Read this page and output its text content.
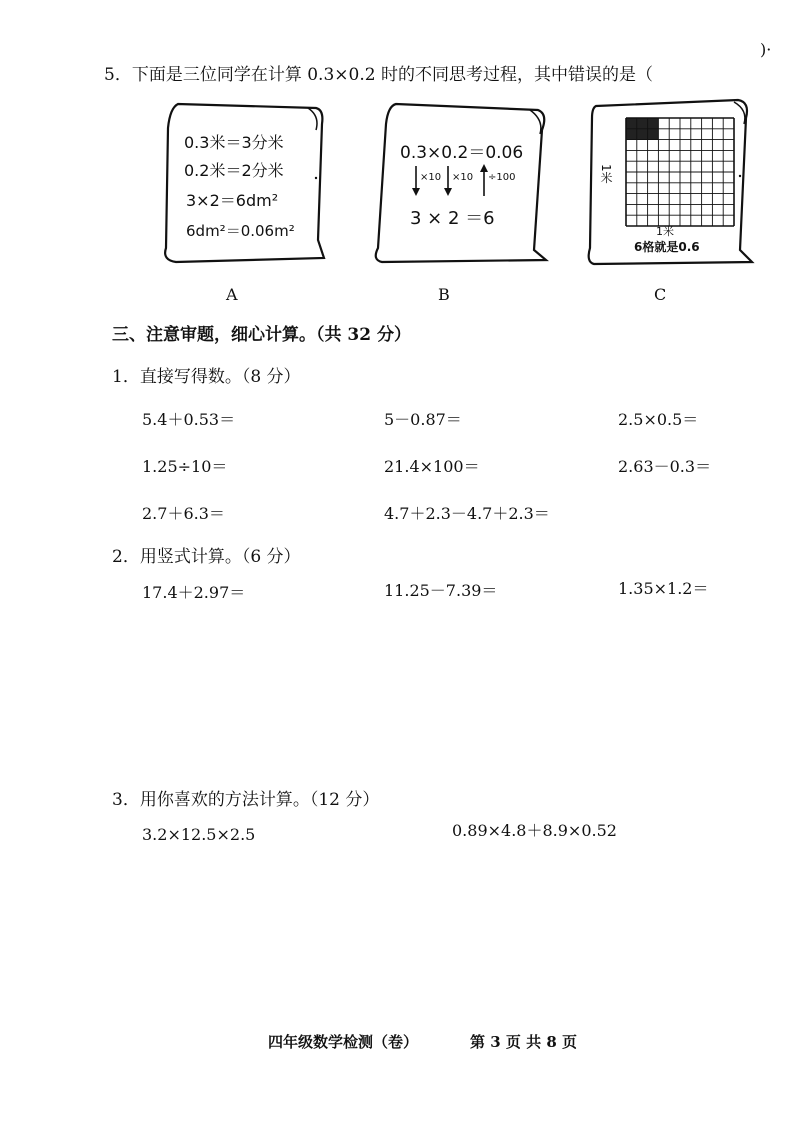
5．下面是三位同学在计算 0.3×0.2 时的不同思考过程，其中错误的是（
)·
0.3米＝3分米
0.2米＝2分米
3×2＝6dm²
6dm²＝0.06m²
A
0.3×0.2＝0.06
×10 ×10 ÷100
3 × 2 ＝6
B
1米
1米
6格就是0.6
C
三、注意审题，细心计算。（共 32 分）
1．直接写得数。（8 分）
5.4＋0.53＝	5－0.87＝	2.5×0.5＝
1.25÷10＝	21.4×100＝	2.63－0.3＝
2.7＋6.3＝	4.7＋2.3－4.7＋2.3＝
2．用竖式计算。（6 分）
17.4＋2.97＝	11.25－7.39＝	1.35×1.2＝
3．用你喜欢的方法计算。（12 分）
3.2×12.5×2.5	0.89×4.8＋8.9×0.52
四年级数学检测（卷）	第 3 页 共 8 页
